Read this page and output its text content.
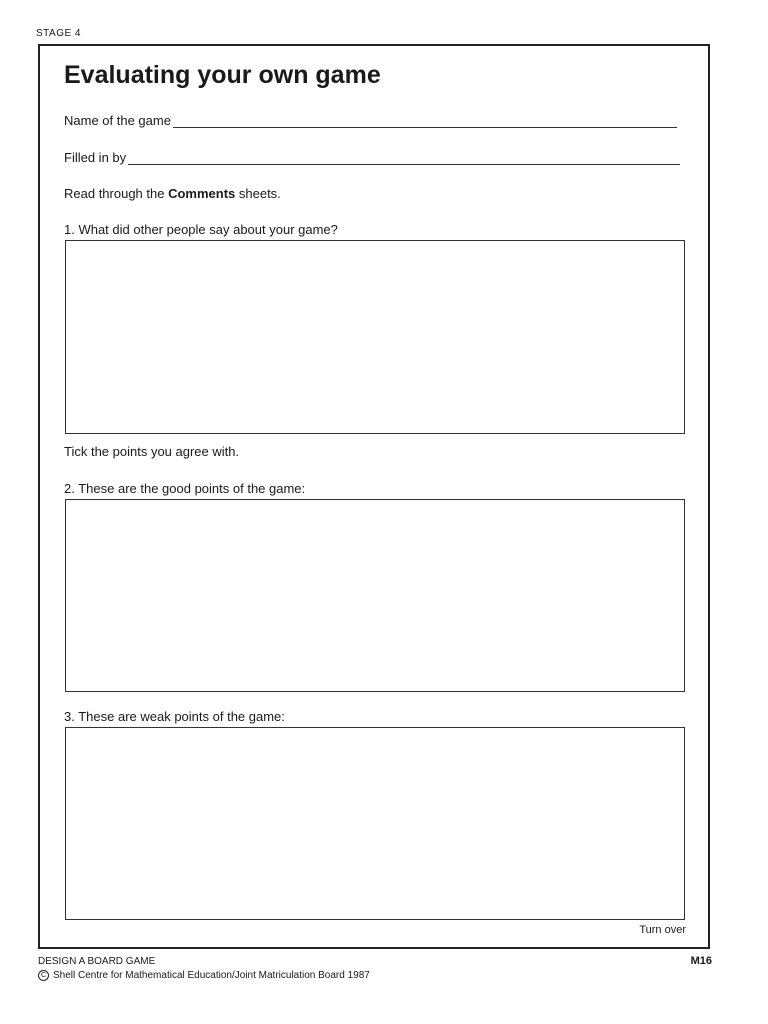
STAGE 4
Evaluating your own game
Name of the game
Filled in by
Read through the Comments sheets.
1. What did other people say about your game?
Tick the points you agree with.
2. These are the good points of the game:
3. These are weak points of the game:
Turn over
DESIGN A BOARD GAME
C Shell Centre for Mathematical Education/Joint Matriculation Board 1987
M16
